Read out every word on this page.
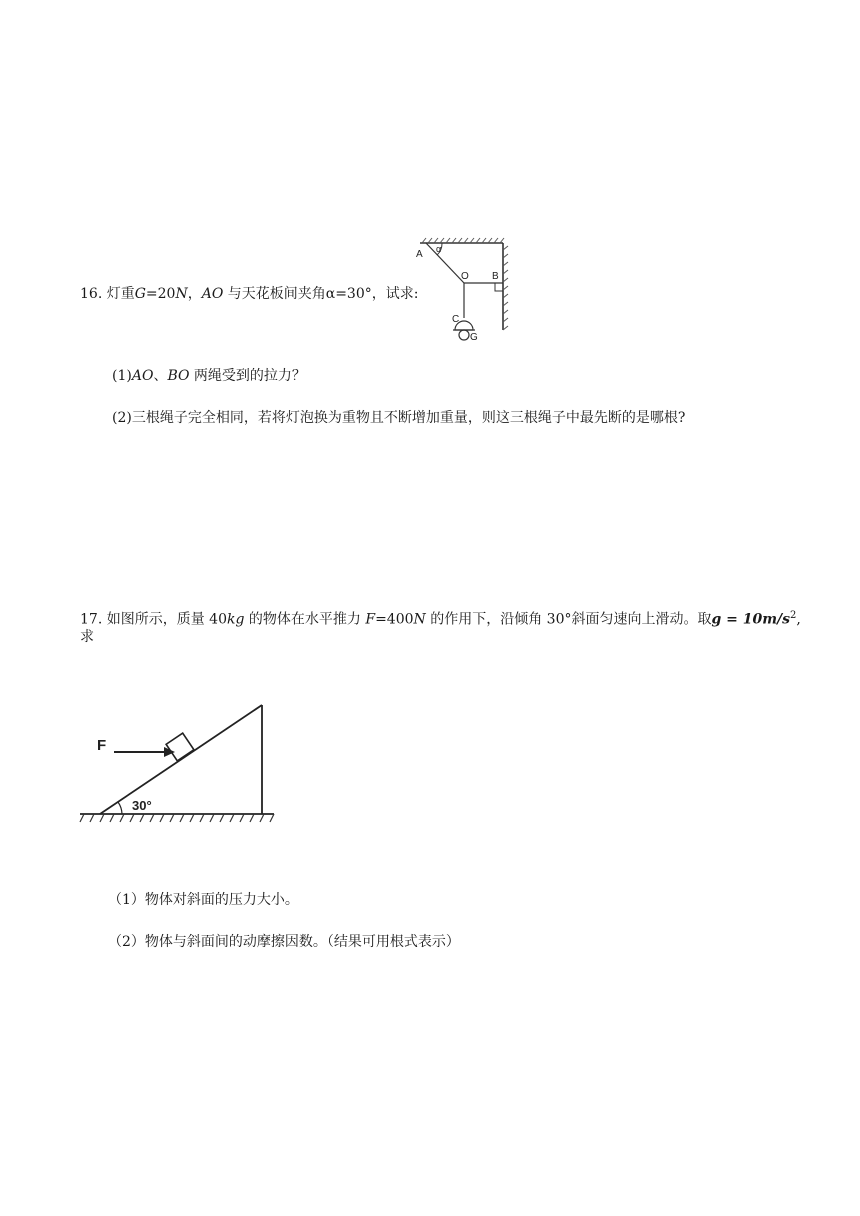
16. 灯重G=20N，AO 与天花板间夹角α=30°，试求:
A α
O B
C
G
(1)AO、BO 两绳受到的拉力？
(2)三根绳子完全相同，若将灯泡换为重物且不断增加重量，则这三根绳子中最先断的是哪根?
17. 如图所示，质量 40kg 的物体在水平推力 F=400N 的作用下，沿倾角 30°斜面匀速向上滑动。取$g = 10m/s^2$,
求
F
30°
（1）物体对斜面的压力大小。
（2）物体与斜面间的动摩擦因数。（结果可用根式表示）
